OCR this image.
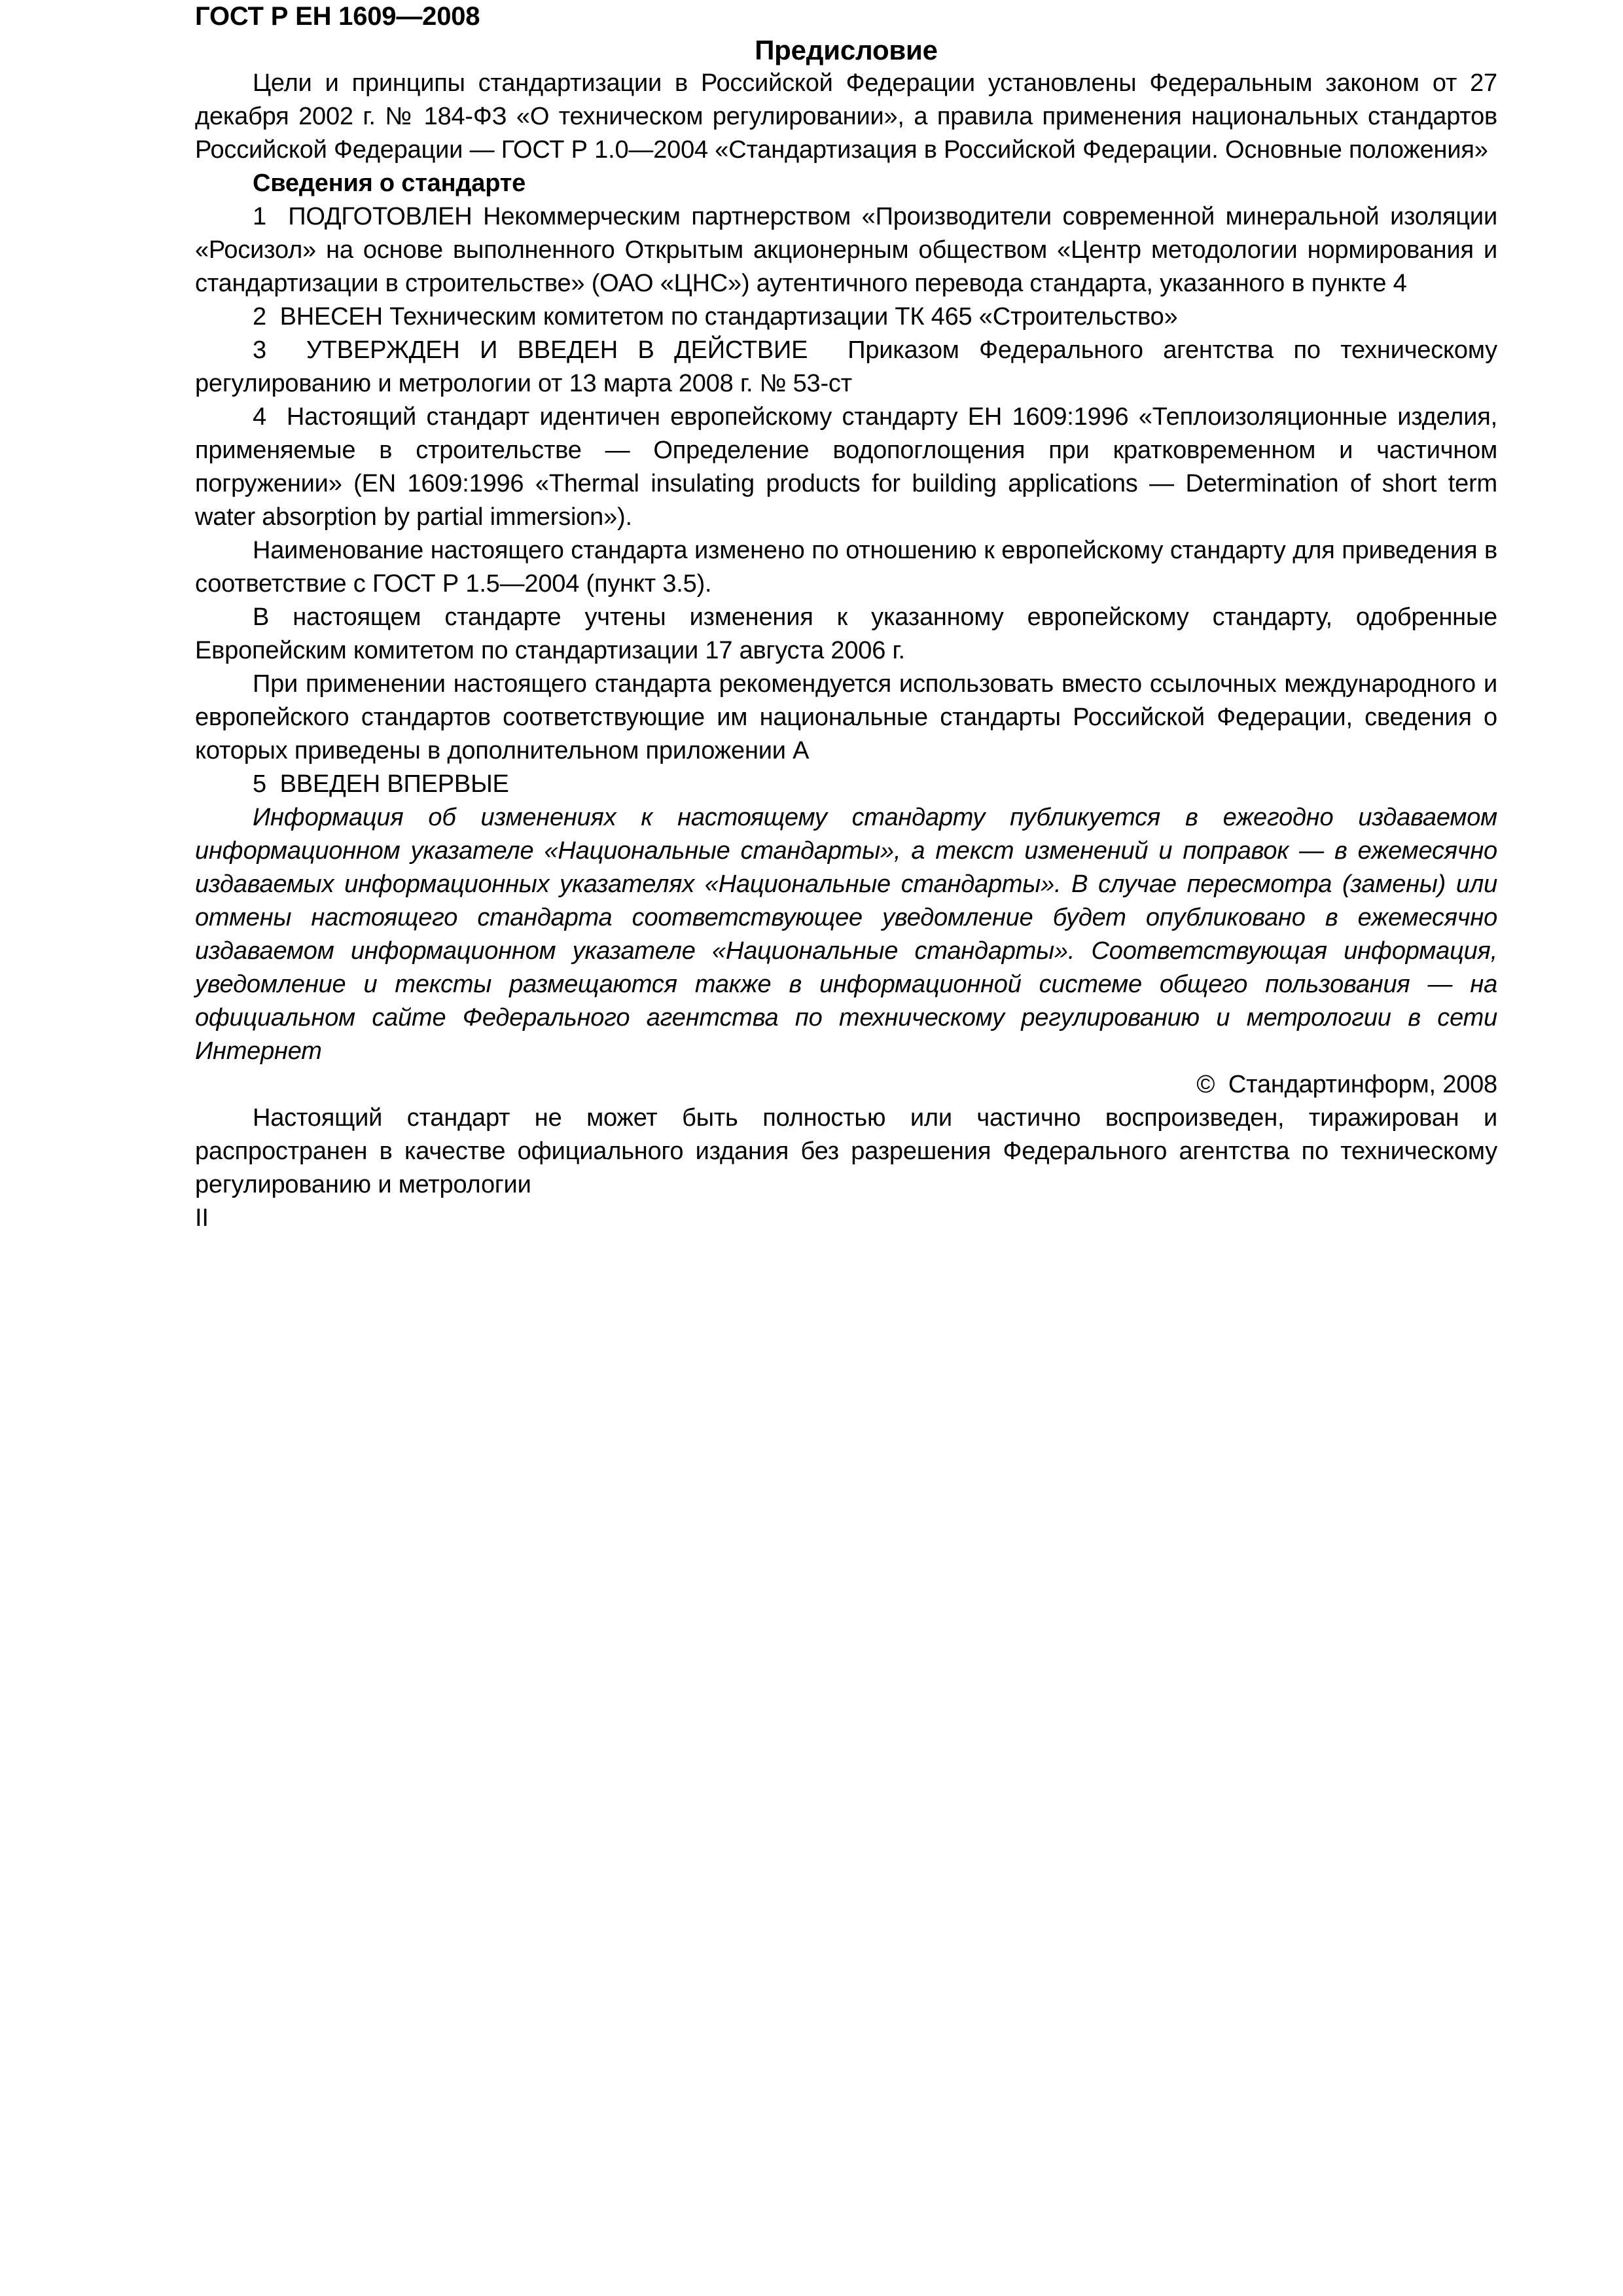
ГОСТ Р ЕН 1609—2008

Предисловие

Цели и принципы стандартизации в Российской Федерации установлены Федеральным законом от 27 декабря 2002 г. № 184-ФЗ «О техническом регулировании», а правила применения национальных стандартов Российской Федерации — ГОСТ Р 1.0—2004 «Стандартизация в Российской Федерации. Основные положения»

Сведения о стандарте

1  ПОДГОТОВЛЕН Некоммерческим партнерством «Производители современной минеральной изоляции «Росизол» на основе выполненного Открытым акционерным обществом «Центр методологии нормирования и стандартизации в строительстве» (ОАО «ЦНС») аутентичного перевода стандарта, указанного в пункте 4

2  ВНЕСЕН Техническим комитетом по стандартизации ТК 465 «Строительство»

3  УТВЕРЖДЕН И ВВЕДЕН В ДЕЙСТВИЕ  Приказом Федерального агентства по техническому регулированию и метрологии от 13 марта 2008 г. № 53-ст

4  Настоящий стандарт идентичен европейскому стандарту ЕН 1609:1996 «Теплоизоляционные изделия, применяемые в строительстве — Определение водопоглощения при кратковременном и частичном погружении» (EN 1609:1996 «Thermal insulating products for building applications — Determination of short term water absorption by partial immersion»).

Наименование настоящего стандарта изменено по отношению к европейскому стандарту для приведения в соответствие с ГОСТ Р 1.5—2004 (пункт 3.5).

В настоящем стандарте учтены изменения к указанному европейскому стандарту, одобренные Европейским комитетом по стандартизации 17 августа 2006 г.

При применении настоящего стандарта рекомендуется использовать вместо ссылочных международного и европейского стандартов соответствующие им национальные стандарты Российской Федерации, сведения о которых приведены в дополнительном приложении А

5  ВВЕДЕН ВПЕРВЫЕ

Информация об изменениях к настоящему стандарту публикуется в ежегодно издаваемом информационном указателе «Национальные стандарты», а текст изменений и поправок — в ежемесячно издаваемых информационных указателях «Национальные стандарты». В случае пересмотра (замены) или отмены настоящего стандарта соответствующее уведомление будет опубликовано в ежемесячно издаваемом информационном указателе «Национальные стандарты». Соответствующая информация, уведомление и тексты размещаются также в информационной системе общего пользования — на официальном сайте Федерального агентства по техническому регулированию и метрологии в сети Интернет

©  Стандартинформ, 2008

Настоящий стандарт не может быть полностью или частично воспроизведен, тиражирован и распространен в качестве официального издания без разрешения Федерального агентства по техническому регулированию и метрологии

II
